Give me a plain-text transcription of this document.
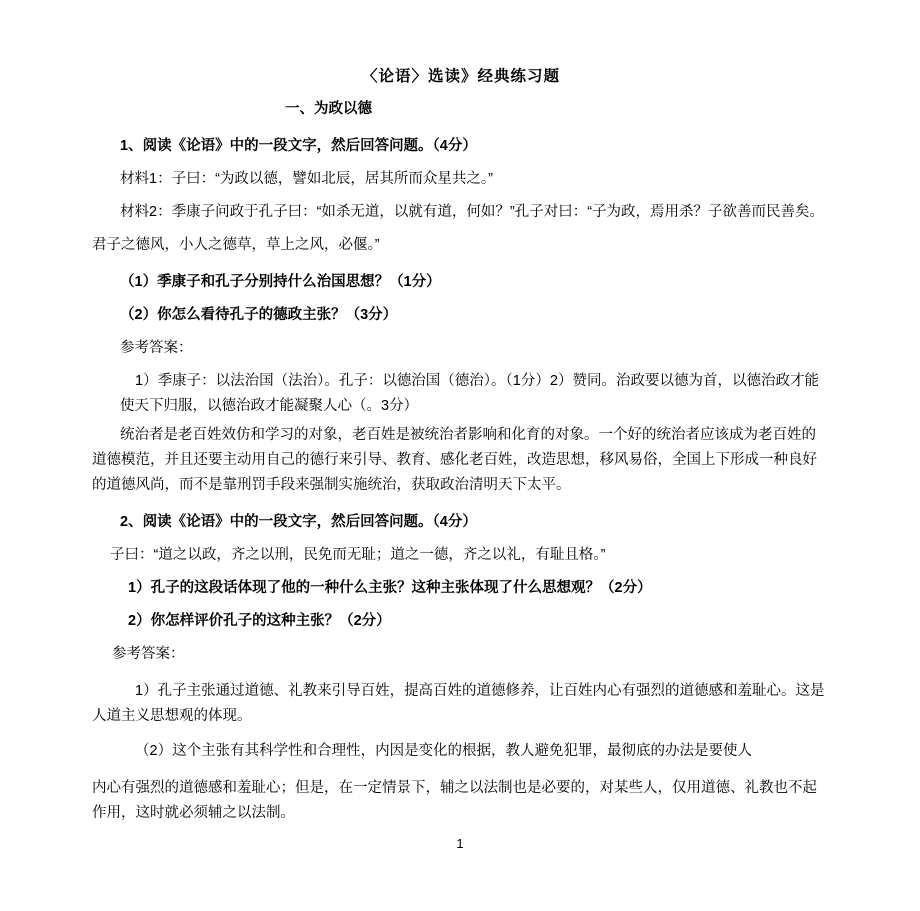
〈论语〉选读》经典练习题
一、为政以德
1、阅读《论语》中的一段文字，然后回答问题。（4分）
材料1：子曰：“为政以德，譬如北辰，居其所而众星共之。”
材料2：季康子问政于孔子曰：“如杀无道，以就有道，何如？”孔子对曰：“子为政，焉用杀？子欲善而民善矣。君子之德风，小人之德草，草上之风，必偃。”
（1）季康子和孔子分别持什么治国思想？（1分）
（2）你怎么看待孔子的德政主张？（3分）
参考答案：
1）季康子：以法治国（法治）。孔子：以德治国（德治）。（1分）2）赞同。治政要以德为首，以德治政才能使天下归服，以德治政才能凝聚人心（。3分）
统治者是老百姓效仿和学习的对象，老百姓是被统治者影响和化育的对象。一个好的统治者应该成为老百姓的道德模范，并且还要主动用自己的德行来引导、教育、感化老百姓，改造思想，移风易俗，全国上下形成一种良好的道德风尚，而不是靠刑罚手段来强制实施统治，获取政治清明天下太平。
2、阅读《论语》中的一段文字，然后回答问题。（4分）
子曰：“道之以政，齐之以刑，民免而无耻；道之一德，齐之以礼，有耻且格。”
1）孔子的这段话体现了他的一种什么主张？这种主张体现了什么思想观？（2分）
2）你怎样评价孔子的这种主张？（2分）
参考答案：
1）孔子主张通过道德、礼教来引导百姓，提高百姓的道德修养，让百姓内心有强烈的道德感和羞耻心。这是人道主义思想观的体现。
（2）这个主张有其科学性和合理性，内因是变化的根据，教人避免犯罪，最彻底的办法是要使人
内心有强烈的道德感和羞耻心；但是，在一定情景下，辅之以法制也是必要的，对某些人，仅用道德、礼教也不起作用，这时就必须辅之以法制。
1
